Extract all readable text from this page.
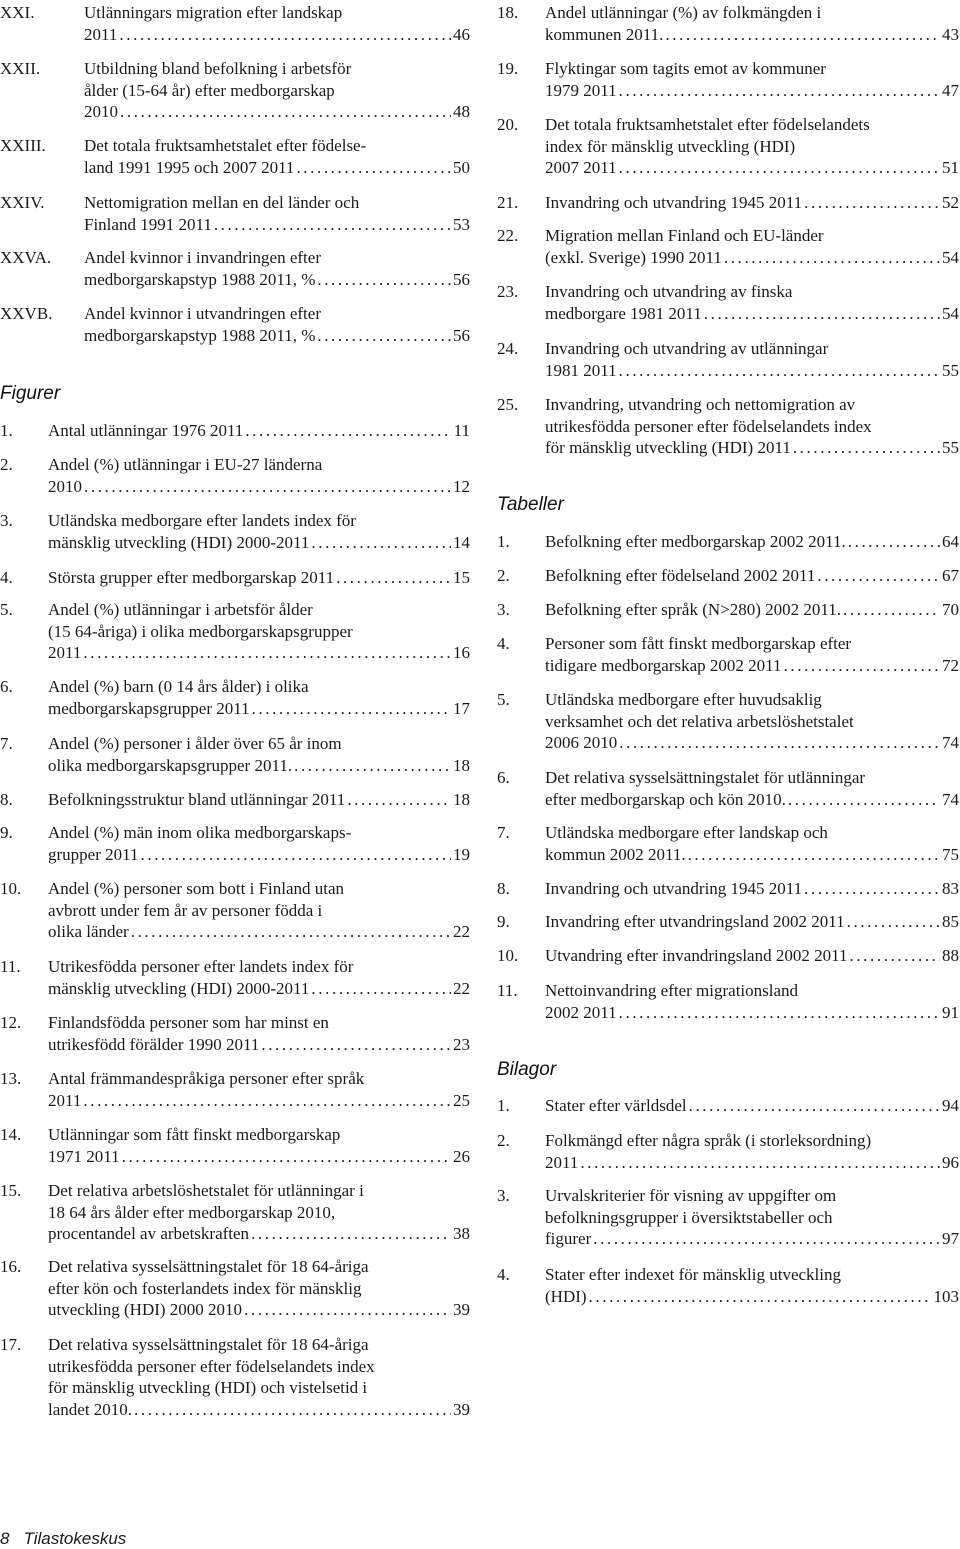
XXI.	Utlänningars migration efter landskap
2011 .....	46
XXII.	Utbildning bland befolkning i arbetsför
ålder (15-64 år) efter medborgarskap
2010 .....	48
XXIII. Det totala fruktsamhetstalet efter födelse-
land 1991 1995 och 2007 2011 .....	50
XXIV. Nettomigration mellan en del länder och
Finland 1991 2011 .....	53
XXVA. Andel kvinnor i invandringen efter
medborgarskapstyp 1988 2011, % .....	56
XXVB. Andel kvinnor i utvandringen efter
medborgarskapstyp 1988 2011, % .....	56
Figurer
1. Antal utlänningar 1976 2011 .....	11
2. Andel (%) utlänningar i EU-27 länderna
2010 .....	12
3. Utländska medborgare efter landets index för
mänsklig utveckling (HDI) 2000-2011 .....	14
4. Största grupper efter medborgarskap 2011 .....	15
5. Andel (%) utlänningar i arbetsför ålder
(15 64-åriga) i olika medborgarskapsgrupper
2011 .....	16
6. Andel (%) barn (0 14 års ålder) i olika
medborgarskapsgrupper 2011 .....	17
7. Andel (%) personer i ålder över 65 år inom
olika medborgarskapsgrupper 2011. .....	18
8. Befolkningsstruktur bland utlänningar 2011 .....	18
9. Andel (%) män inom olika medborgarskaps-
grupper 2011 .....	19
10. Andel (%) personer som bott i Finland utan
avbrott under fem år av personer födda i
olika länder .....	22
11. Utrikesfödda personer efter landets index för
mänsklig utveckling (HDI) 2000-2011 .....	22
12. Finlandsfödda personer som har minst en
utrikesfödd förälder 1990 2011 .....	23
13. Antal främmandespråkiga personer efter språk
2011 .....	25
14. Utlänningar som fått finskt medborgarskap
1971 2011 .....	26
15. Det relativa arbetslöshetstalet för utlänningar i
18 64 års ålder efter medborgarskap 2010,
procentandel av arbetskraften .....	38
16. Det relativa sysselsättningstalet för 18 64-åriga
efter kön och fosterlandets index för mänsklig
utveckling (HDI) 2000 2010 .....	39
17. Det relativa sysselsättningstalet för 18 64-åriga
utrikesfödda personer efter födelselandets index
för mänsklig utveckling (HDI) och vistelsetid i
landet 2010. .....	39
18. Andel utlänningar (%) av folkmängden i
kommunen 2011. .....	43
19. Flyktingar som tagits emot av kommuner
1979 2011 .....	47
20. Det totala fruktsamhetstalet efter födelselandets
index för mänsklig utveckling (HDI)
2007 2011 .....	51
21. Invandring och utvandring 1945 2011 .....	52
22. Migration mellan Finland och EU-länder
(exkl. Sverige) 1990 2011 .....	54
23. Invandring och utvandring av finska
medborgare 1981 2011 .....	54
24. Invandring och utvandring av utlänningar
1981 2011 .....	55
25. Invandring, utvandring och nettomigration av
utrikesfödda personer efter födelselandets index
för mänsklig utveckling (HDI) 2011 .....	55
Tabeller
1. Befolkning efter medborgarskap 2002 2011. .....	64
2. Befolkning efter födelseland 2002 2011 .....	67
3. Befolkning efter språk (N>280) 2002 2011. .....	70
4. Personer som fått finskt medborgarskap efter
tidigare medborgarskap 2002 2011 .....	72
5. Utländska medborgare efter huvudsaklig
verksamhet och det relativa arbetslöshetstalet
2006 2010 .....	74
6. Det relativa sysselsättningstalet för utlänningar
efter medborgarskap och kön 2010. .....	74
7. Utländska medborgare efter landskap och
kommun 2002 2011. .....	75
8. Invandring och utvandring 1945 2011 .....	83
9. Invandring efter utvandringsland 2002 2011 .....	85
10. Utvandring efter invandringsland 2002 2011 .....	88
11. Nettoinvandring efter migrationsland
2002 2011 .....	91
Bilagor
1. Stater efter världsdel .....	94
2. Folkmängd efter några språk (i storleksordning)
2011 .....	96
3. Urvalskriterier för visning av uppgifter om
befolkningsgrupper i översiktstabeller och
figurer .....	97
4. Stater efter indexet för mänsklig utveckling
(HDI) .....	103
8 Tilastokeskus
